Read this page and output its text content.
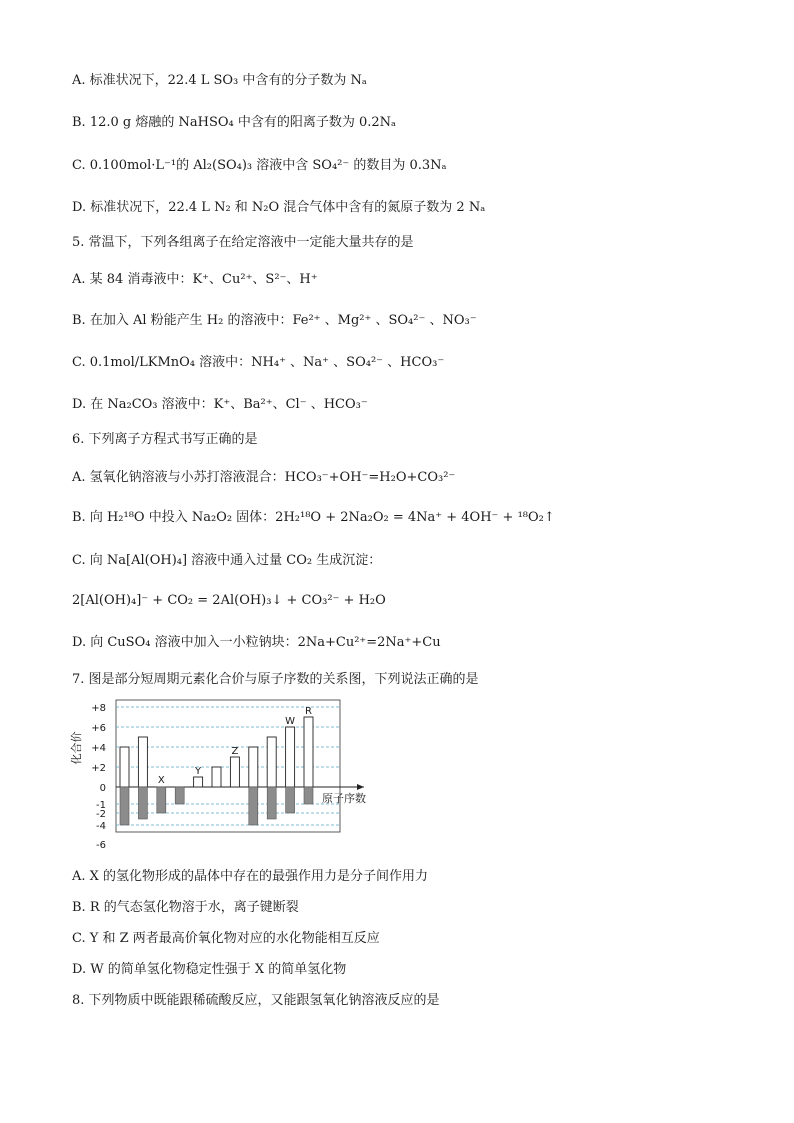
A. 标准状况下，22.4 L SO₃ 中含有的分子数为 Nₐ
B. 12.0 g 熔融的 NaHSO₄ 中含有的阳离子数为 0.2Nₐ
C. 0.100mol·L⁻¹的 Al₂(SO₄)₃ 溶液中含 SO₄²⁻ 的数目为 0.3Nₐ
D. 标准状况下，22.4 L N₂ 和 N₂O 混合气体中含有的氮原子数为 2 Nₐ
5. 常温下，下列各组离子在给定溶液中一定能大量共存的是
A. 某 84 消毒液中：K⁺、Cu²⁺、S²⁻、H⁺
B. 在加入 Al 粉能产生 H₂ 的溶液中：Fe²⁺ 、Mg²⁺ 、SO₄²⁻ 、NO₃⁻
C. 0.1mol/LKMnO₄ 溶液中：NH₄⁺ 、Na⁺ 、SO₄²⁻ 、HCO₃⁻
D. 在 Na₂CO₃ 溶液中：K⁺、Ba²⁺、Cl⁻ 、HCO₃⁻
6. 下列离子方程式书写正确的是
A. 氢氧化钠溶液与小苏打溶液混合：HCO₃⁻+OH⁻=H₂O+CO₃²⁻
B. 向 H₂¹⁸O 中投入 Na₂O₂ 固体：2H₂¹⁸O + 2Na₂O₂ = 4Na⁺ + 4OH⁻ + ¹⁸O₂↑
C. 向 Na[Al(OH)₄] 溶液中通入过量 CO₂ 生成沉淀：
2[Al(OH)₄]⁻ + CO₂ = 2Al(OH)₃↓ + CO₃²⁻ + H₂O
D. 向 CuSO₄ 溶液中加入一小粒钠块：2Na+Cu²⁺=2Na⁺+Cu
7. 图是部分短周期元素化合价与原子序数的关系图，下列说法正确的是
+8
+6
+4
+2
0
-1
-2
-4
-6
化合价
原子序数
X
Y
Z
W
R
A. X 的氢化物形成的晶体中存在的最强作用力是分子间作用力
B. R 的气态氢化物溶于水，离子键断裂
C. Y 和 Z 两者最高价氧化物对应的水化物能相互反应
D. W 的简单氢化物稳定性强于 X 的简单氢化物
8. 下列物质中既能跟稀硫酸反应，又能跟氢氧化钠溶液反应的是
